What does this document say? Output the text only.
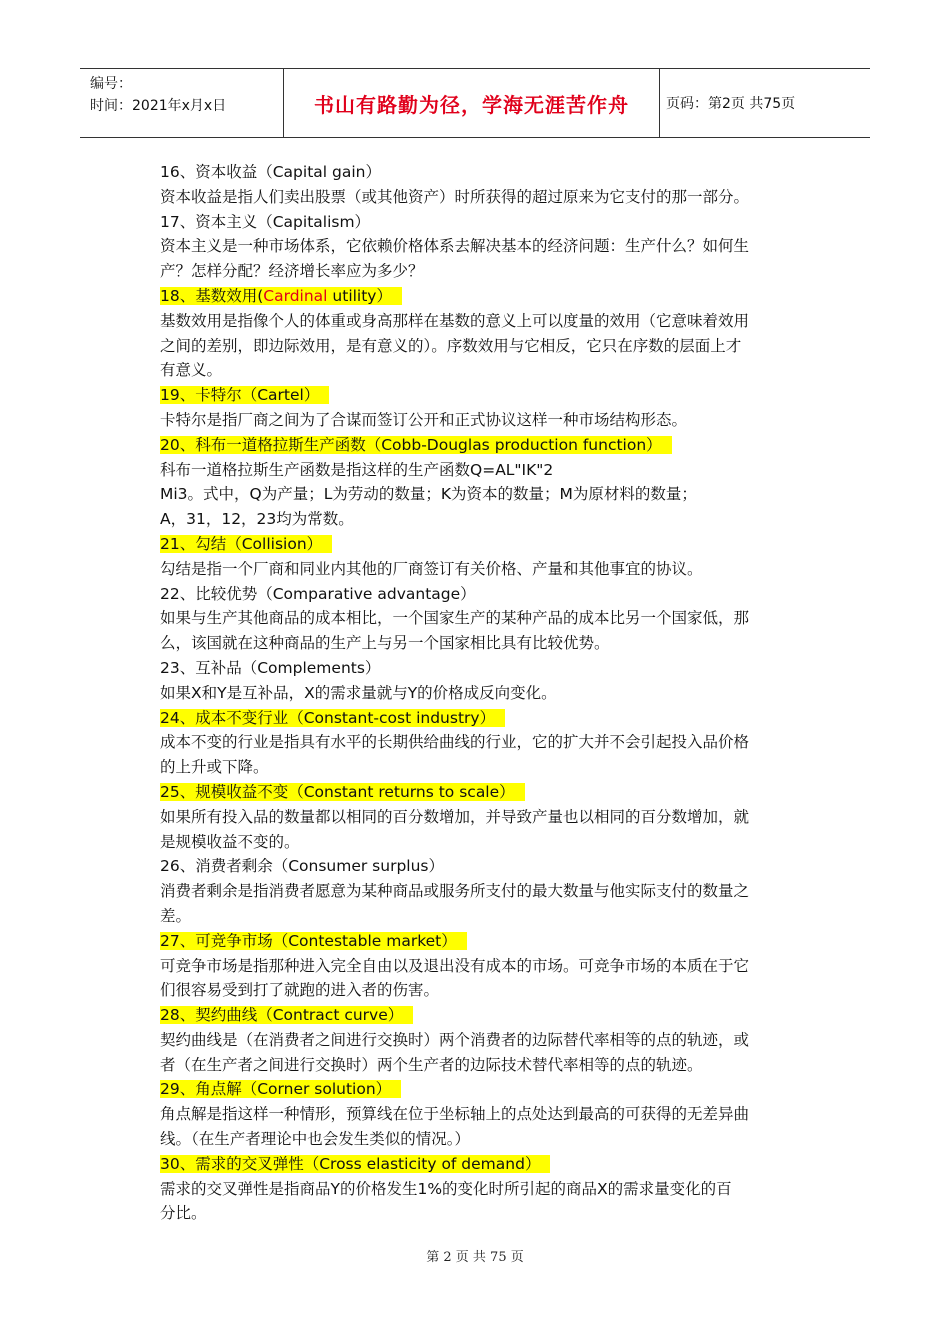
编号：
时间：2021年x月x日	书山有路勤为径，学海无涯苦作舟	页码：第2页 共75页

16、资本收益（Capital gain）

资本收益是指人们卖出股票（或其他资产）时所获得的超过原来为它支付的那一部分。

17、资本主义（Capitalism）

资本主义是一种市场体系，它依赖价格体系去解决基本的经济问题：生产什么？如何生

产？怎样分配？经济增长率应为多少？

18、基数效用(Cardinal utility）

基数效用是指像个人的体重或身高那样在基数的意义上可以度量的效用（它意味着效用

之间的差别，即边际效用，是有意义的）。序数效用与它相反，它只在序数的层面上才

有意义。

19、卡特尔（Cartel）

卡特尔是指厂商之间为了合谋而签订公开和正式协议这样一种市场结构形态。

20、科布一道格拉斯生产函数（Cobb-Douglas production function）

科布一道格拉斯生产函数是指这样的生产函数Q=AL"IK"2

Mi3。式中，Q为产量；L为劳动的数量；K为资本的数量；M为原材料的数量；

A，31，12，23均为常数。

21、勾结（Collision）

勾结是指一个厂商和同业内其他的厂商签订有关价格、产量和其他事宜的协议。

22、比较优势（Comparative advantage）

如果与生产其他商品的成本相比，一个国家生产的某种产品的成本比另一个国家低，那

么，该国就在这种商品的生产上与另一个国家相比具有比较优势。

23、互补品（Complements）

如果X和Y是互补品，X的需求量就与Y的价格成反向变化。

24、成本不变行业（Constant-cost industry）

成本不变的行业是指具有水平的长期供给曲线的行业，它的扩大并不会引起投入品价格

的上升或下降。

25、规模收益不变（Constant returns to scale）

如果所有投入品的数量都以相同的百分数增加，并导致产量也以相同的百分数增加，就

是规模收益不变的。

26、消费者剩余（Consumer surplus）

消费者剩余是指消费者愿意为某种商品或服务所支付的最大数量与他实际支付的数量之

差。

27、可竞争市场（Contestable market）

可竞争市场是指那种进入完全自由以及退出没有成本的市场。可竞争市场的本质在于它

们很容易受到打了就跑的进入者的伤害。

28、契约曲线（Contract curve）

契约曲线是（在消费者之间进行交换时）两个消费者的边际替代率相等的点的轨迹，或

者（在生产者之间进行交换时）两个生产者的边际技术替代率相等的点的轨迹。

29、角点解（Corner solution）

角点解是指这样一种情形，预算线在位于坐标轴上的点处达到最高的可获得的无差异曲

线。（在生产者理论中也会发生类似的情况。）

30、需求的交叉弹性（Cross elasticity of demand）

需求的交叉弹性是指商品Y的价格发生1%的变化时所引起的商品X的需求量变化的百

分比。

第 2 页 共 75 页
